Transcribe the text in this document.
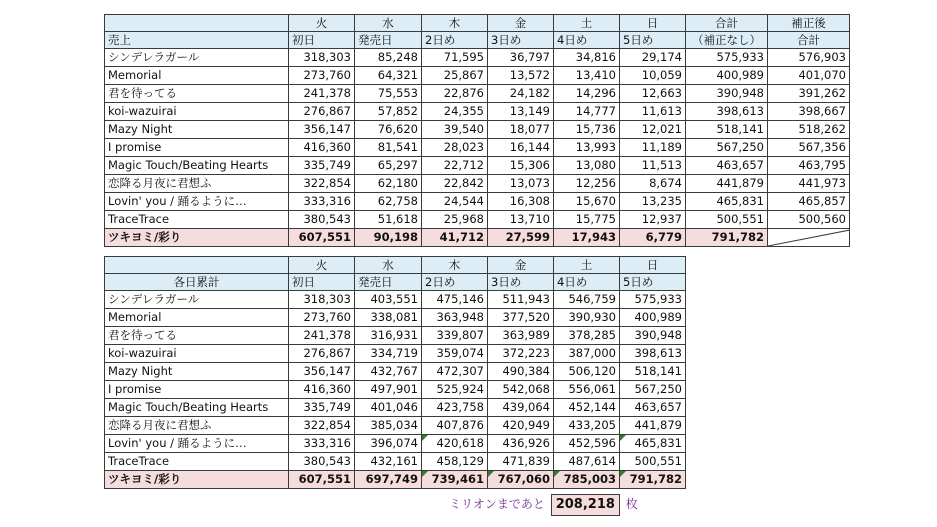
	火	水	木	金	土	日	合計	補正後
売上	初日	発売日	2日め	3日め	4日め	5日め	（補正なし）	合計
シンデレラガール	318,303	85,248	71,595	36,797	34,816	29,174	575,933	576,903
Memorial	273,760	64,321	25,867	13,572	13,410	10,059	400,989	401,070
君を待ってる	241,378	75,553	22,876	24,182	14,296	12,663	390,948	391,262
koi-wazuirai	276,867	57,852	24,355	13,149	14,777	11,613	398,613	398,667
Mazy Night	356,147	76,620	39,540	18,077	15,736	12,021	518,141	518,262
I promise	416,360	81,541	28,023	16,144	13,993	11,189	567,250	567,356
Magic Touch/Beating Hearts	335,749	65,297	22,712	15,306	13,080	11,513	463,657	463,795
恋降る月夜に君想ふ	322,854	62,180	22,842	13,073	12,256	8,674	441,879	441,973
Lovin' you / 踊るように…	333,316	62,758	24,544	16,308	15,670	13,235	465,831	465,857
TraceTrace	380,543	51,618	25,968	13,710	15,775	12,937	500,551	500,560
ツキヨミ/彩り	607,551	90,198	41,712	27,599	17,943	6,779	791,782	
	火	水	木	金	土	日
各日累計	初日	発売日	2日め	3日め	4日め	5日め
シンデレラガール	318,303	403,551	475,146	511,943	546,759	575,933
Memorial	273,760	338,081	363,948	377,520	390,930	400,989
君を待ってる	241,378	316,931	339,807	363,989	378,285	390,948
koi-wazuirai	276,867	334,719	359,074	372,223	387,000	398,613
Mazy Night	356,147	432,767	472,307	490,384	506,120	518,141
I promise	416,360	497,901	525,924	542,068	556,061	567,250
Magic Touch/Beating Hearts	335,749	401,046	423,758	439,064	452,144	463,657
恋降る月夜に君想ふ	322,854	385,034	407,876	420,949	433,205	441,879
Lovin' you / 踊るように…	333,316	396,074	420,618	436,926	452,596	465,831
TraceTrace	380,543	432,161	458,129	471,839	487,614	500,551
ツキヨミ/彩り	607,551	697,749	739,461	767,060	785,003	791,782
ミリオンまであと 208,218 枚
